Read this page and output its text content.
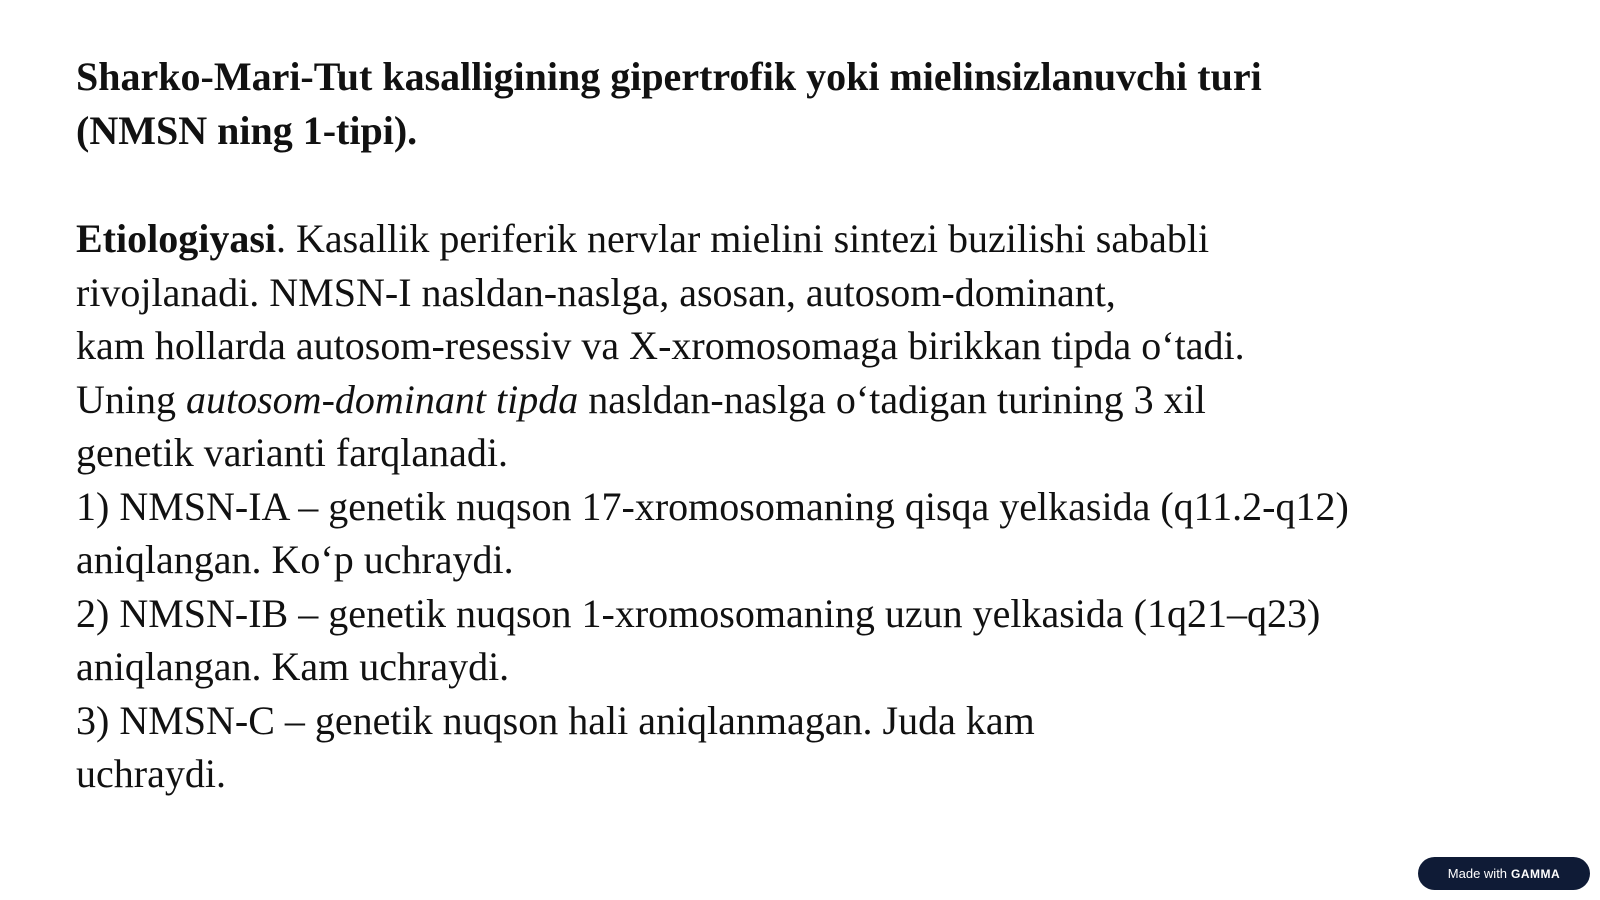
Sharko-Mari-Tut kasalligining gipertrofik yoki mielinsizlanuvchi turi
(NMSN ning 1-tipi).
Etiologiyasi. Kasallik periferik nervlar mielini sintezi buzilishi sababli
rivojlanadi. NMSN-I nasldan-naslga, asosan, autosom-dominant,
kam hollarda autosom-resessiv va X-xromosomaga birikkan tipda o‘tadi.
Uning autosom-dominant tipda nasldan-naslga o‘tadigan turining 3 xil
genetik varianti farqlanadi.
1) NMSN-IA – genetik nuqson 17-xromosomaning qisqa yelkasida (q11.2-q12)
aniqlangan. Ko‘p uchraydi.
2) NMSN-IB – genetik nuqson 1-xromosomaning uzun yelkasida (1q21–q23)
aniqlangan. Kam uchraydi.
3) NMSN-C – genetik nuqson hali aniqlanmagan. Juda kam
uchraydi.
Made with GAMMA
